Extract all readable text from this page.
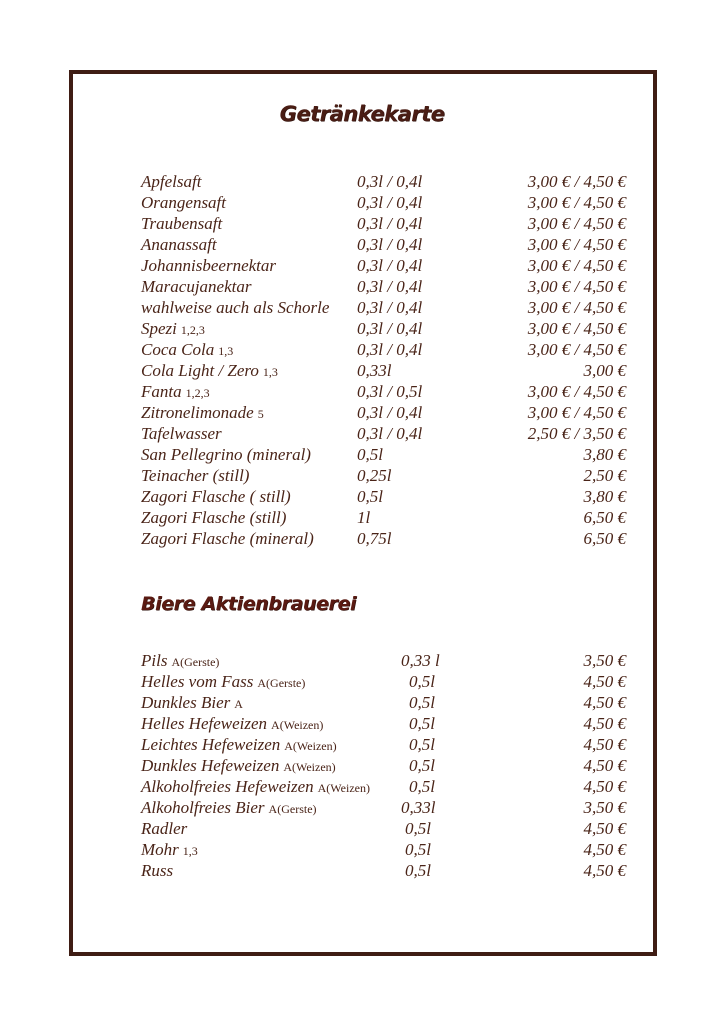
Getränkekarte
Apfelsaft	0,3l / 0,4l	3,00 € / 4,50 €
Orangensaft	0,3l / 0,4l	3,00 € / 4,50 €
Traubensaft	0,3l / 0,4l	3,00 € / 4,50 €
Ananassaft	0,3l / 0,4l	3,00 € / 4,50 €
Johannisbeernektar	0,3l / 0,4l	3,00 € / 4,50 €
Maracujanektar	0,3l / 0,4l	3,00 € / 4,50 €
wahlweise auch als Schorle 0,3l / 0,4l	3,00 € / 4,50 €
Spezi 1,2,3	0,3l / 0,4l	3,00 € / 4,50 €
Coca Cola 1,3	0,3l / 0,4l	3,00 € / 4,50 €
Cola Light / Zero 1,3	0,33l	3,00 €
Fanta 1,2,3	0,3l / 0,5l	3,00 € / 4,50 €
Zitronelimonade 5	0,3l / 0,4l	3,00 € / 4,50 €
Tafelwasser	0,3l / 0,4l	2,50 € / 3,50 €
San Pellegrino (mineral)	0,5l	3,80 €
Teinacher (still)	0,25l	2,50 €
Zagori Flasche ( still)	0,5l	3,80 €
Zagori Flasche (still)	1l	6,50 €
Zagori Flasche (mineral)	0,75l	6,50 €
Biere Aktienbrauerei
Pils A(Gerste)	0,33 l	3,50 €
Helles vom Fass A(Gerste)	0,5l	4,50 €
Dunkles Bier A	0,5l	4,50 €
Helles Hefeweizen A(Weizen)	0,5l	4,50 €
Leichtes Hefeweizen A(Weizen)	0,5l	4,50 €
Dunkles Hefeweizen A(Weizen)	0,5l	4,50 €
Alkoholfreies Hefeweizen A(Weizen) 0,5l	4,50 €
Alkoholfreies Bier A(Gerste)	0,33l	3,50 €
Radler	0,5l	4,50 €
Mohr 1,3	0,5l	4,50 €
Russ	0,5l	4,50 €
